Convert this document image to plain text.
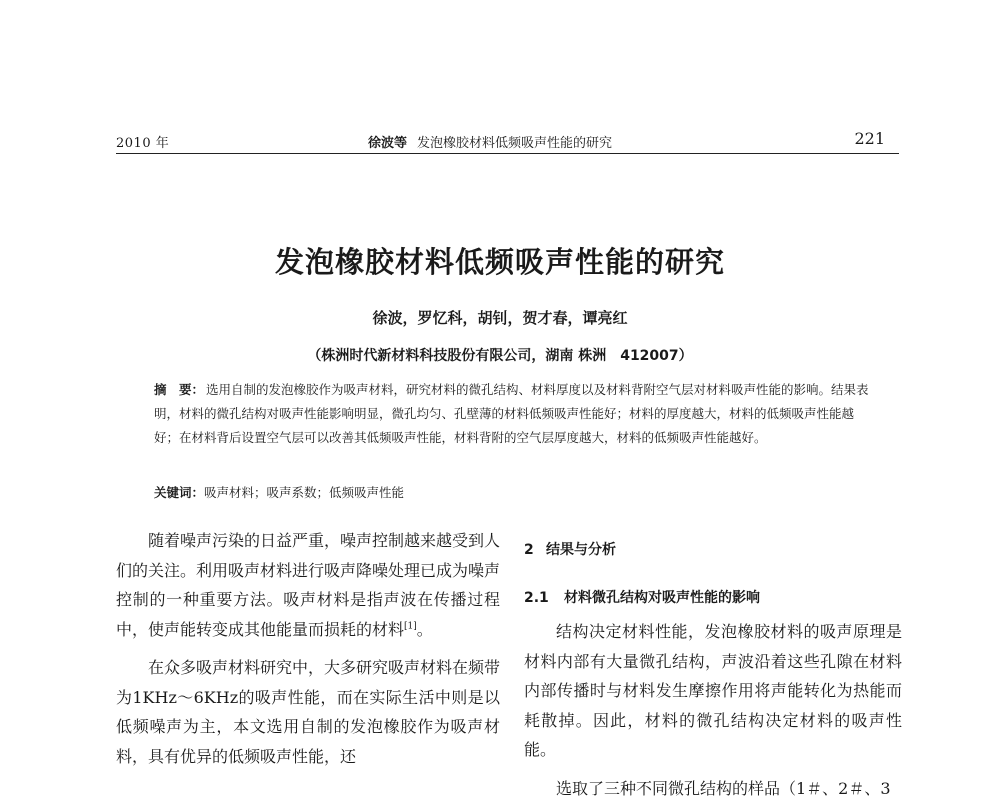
2010 年	徐波等 发泡橡胶材料低频吸声性能的研究	221
发泡橡胶材料低频吸声性能的研究
徐波，罗忆科，胡钊，贺才春，谭亮红
（株洲时代新材料科技股份有限公司，湖南 株洲　412007）
摘　要： 选用自制的发泡橡胶作为吸声材料，研究材料的微孔结构、材料厚度以及材料背附空气层对材料吸声性能的影响。结果表明，材料的微孔结构对吸声性能影响明显，微孔均匀、孔壁薄的材料低频吸声性能好；材料的厚度越大，材料的低频吸声性能越好；在材料背后设置空气层可以改善其低频吸声性能，材料背附的空气层厚度越大，材料的低频吸声性能越好。
关键词：吸声材料；吸声系数；低频吸声性能

随着噪声污染的日益严重，噪声控制越来越受到人们的关注。利用吸声材料进行吸声降噪处理已成为噪声控制的一种重要方法。吸声材料是指声波在传播过程中，使声能转变成其他能量而损耗的材料[1]。

在众多吸声材料研究中，大多研究吸声材料在频带为1KHz～6KHz的吸声性能，而在实际生活中则是以低频噪声为主，本文选用自制的发泡橡胶作为吸声材料，具有优异的低频吸声性能，还

2 结果与分析
2.1 材料微孔结构对吸声性能的影响

结构决定材料性能，发泡橡胶材料的吸声原理是材料内部有大量微孔结构，声波沿着这些孔隙在材料内部传播时与材料发生摩擦作用将声能转化为热能而耗散掉。因此，材料的微孔结构决定材料的吸声性能。

选取了三种不同微孔结构的样品（1＃、2＃、3
